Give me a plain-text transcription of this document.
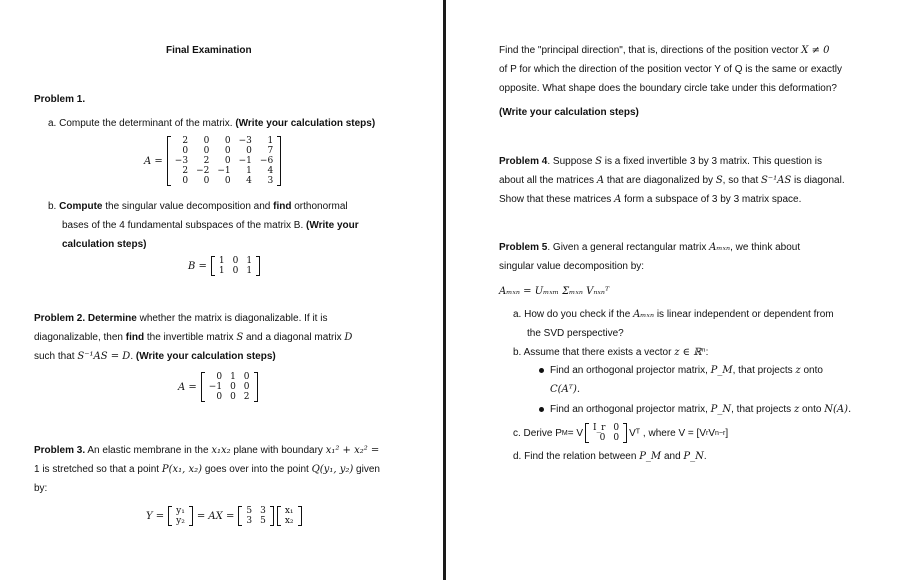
Final Examination
Problem 1.
a. Compute the determinant of the matrix. (Write your calculation steps)
A =
2	0	0	−3	1
0	0	0	0	7
−3	2	0	−1	−6
2	−2	−1	1	4
0	0	0	4	3
b. Compute the singular value decomposition and find orthonormal
bases of the 4 fundamental subspaces of the matrix B. (Write your
calculation steps)
B = 1	0	1
1	0	1
Problem 2. Determine whether the matrix is diagonalizable. If it is
diagonalizable, then find the invertible matrix S and a diagonal matrix D
such that S⁻¹AS = D. (Write your calculation steps)
A =
0	1	0
−1	0	0
0	0	2
Problem 3. An elastic membrane in the x₁x₂ plane with boundary x₁² + x₂² =
1 is stretched so that a point P(x₁, x₂) goes over into the point Q(y₁, y₂) given
by:
Y = y₁
y₂ = AX = 5	3
3	5
x₁
x₂
Find the "principal direction", that is, directions of the position vector X ≠ 0
of P for which the direction of the position vector Y of Q is the same or exactly
opposite. What shape does the boundary circle take under this deformation?
(Write your calculation steps)
Problem 4. Suppose S is a fixed invertible 3 by 3 matrix. This question is
about all the matrices A that are diagonalized by S, so that S⁻¹AS is diagonal.
Show that these matrices A form a subspace of 3 by 3 matrix space.
Problem 5. Given a general rectangular matrix Aₘₓₙ, we think about
singular value decomposition by:
Aₘₓₙ = Uₘₓₘ Σₘₓₙ Vₙₓₙᵀ
a. How do you check if the Aₘₓₙ is linear independent or dependent from
the SVD perspective?
b. Assume that there exists a vector z ∈ ℝⁿ:
Find an orthogonal projector matrix, P_M, that projects z onto
C(Aᵀ).
Find an orthogonal projector matrix, P_N, that projects z onto N(A).
c. Derive P M = V I_r	0
0	0 Vᵀ , where V = [V r V n−r ]
d. Find the relation between P_M and P_N.
